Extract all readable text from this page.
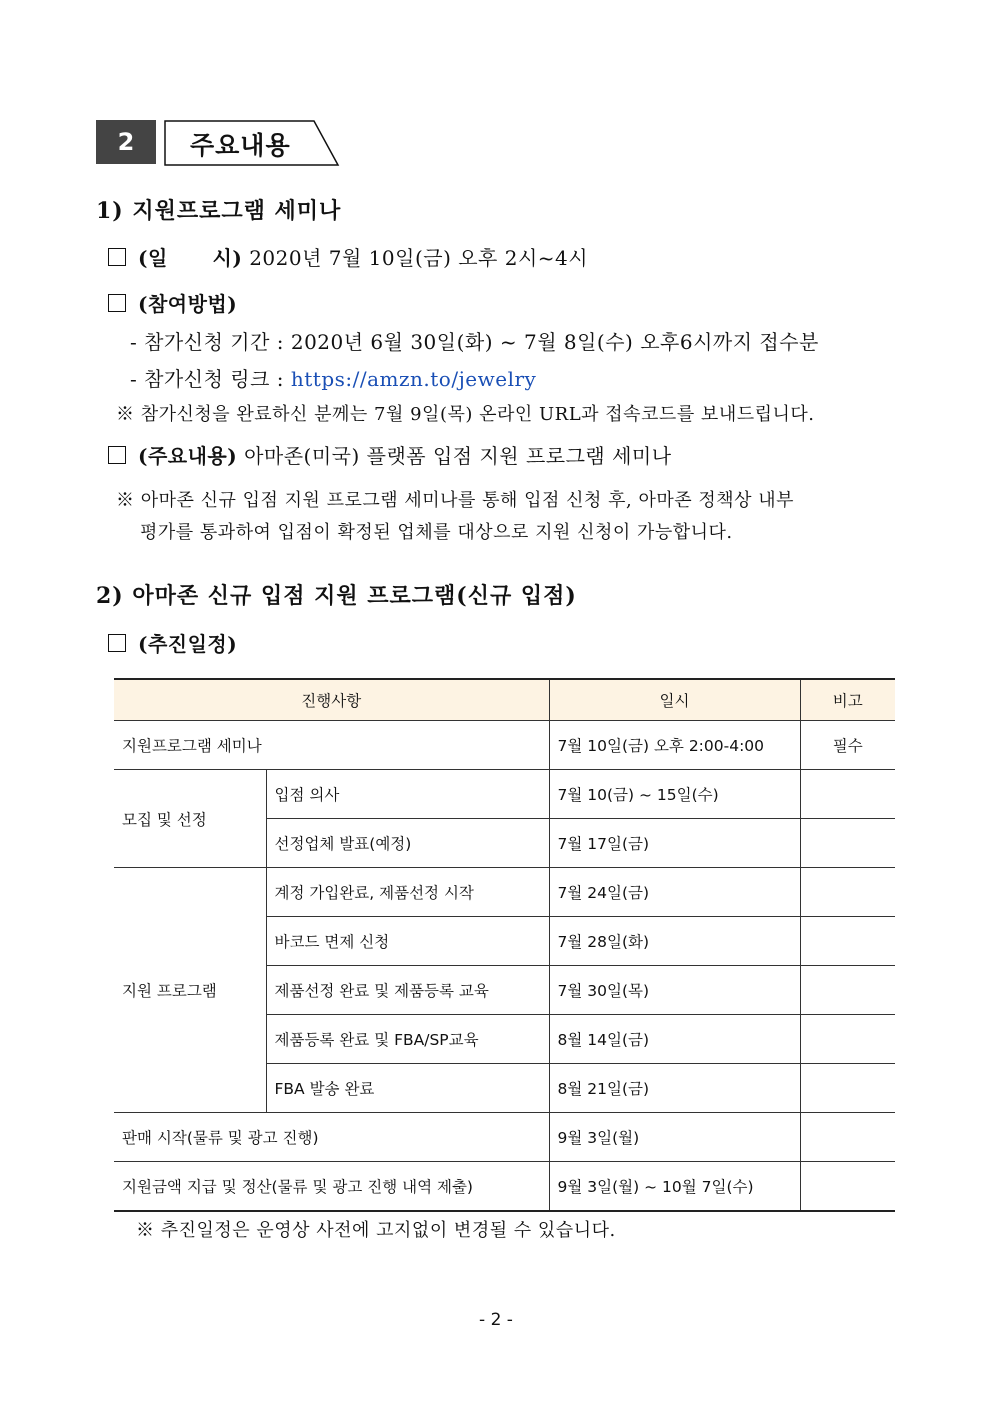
2	주요내용
1) 지원프로그램 세미나
(일      시) 2020년 7월 10일(금) 오후 2시~4시
(참여방법)
- 참가신청 기간 : 2020년 6월 30일(화) ~ 7월 8일(수) 오후6시까지 접수분
- 참가신청 링크 : https://amzn.to/jewelry
※ 참가신청을 완료하신 분께는 7월 9일(목) 온라인 URL과 접속코드를 보내드립니다.
(주요내용) 아마존(미국) 플랫폼 입점 지원 프로그램 세미나
※ 아마존 신규 입점 지원 프로그램 세미나를 통해 입점 신청 후, 아마존 정책상 내부
평가를 통과하여 입점이 확정된 업체를 대상으로 지원 신청이 가능합니다.
2) 아마존 신규 입점 지원 프로그램(신규 입점)
(추진일정)
진행사항		일시	비고
지원프로그램 세미나		7월 10일(금) 오후 2:00-4:00	필수
모집 및 선정	입점 의사	7월 10(금) ~ 15일(수)	
	선정업체 발표(예정)	7월 17일(금)	
지원 프로그램	계정 가입완료, 제품선정 시작	7월 24일(금)	
	바코드 면제 신청	7월 28일(화)	
	제품선정 완료 및 제품등록 교육	7월 30일(목)	
	제품등록 완료 및 FBA/SP교육	8월 14일(금)	
	FBA 발송 완료	8월 21일(금)	
판매 시작(물류 및 광고 진행)		9월 3일(월)	
지원금액 지급 및 정산(물류 및 광고 진행 내역 제출)		9월 3일(월) ~ 10월 7일(수)	
※ 추진일정은 운영상 사전에 고지없이 변경될 수 있습니다.
- 2 -
